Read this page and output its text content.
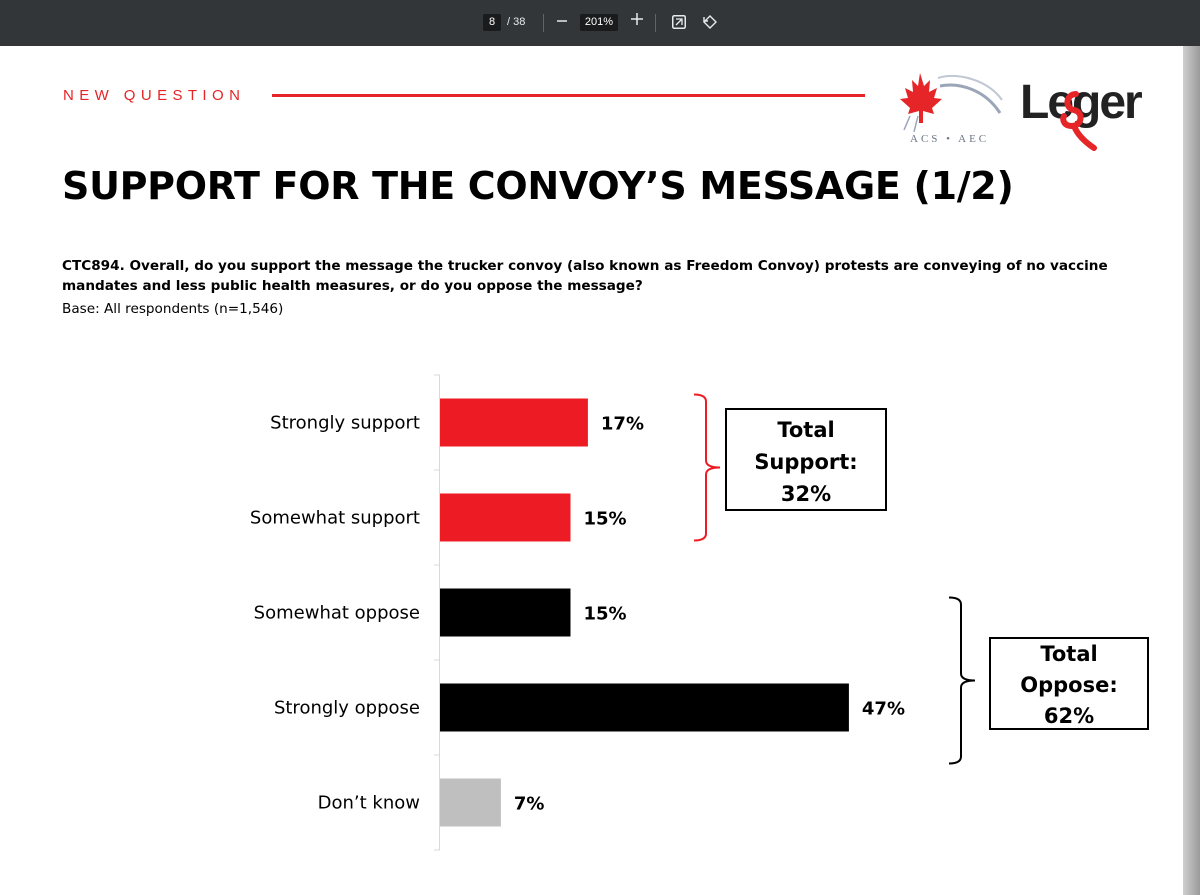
8	/ 38	201%
NEW QUESTION
ACS • AEC
Leger
SUPPORT FOR THE CONVOY’S MESSAGE (1/2)
CTC894. Overall, do you support the message the trucker convoy (also known as Freedom Convoy) protests are conveying of no vaccine mandates and less public health measures, or do you oppose the message?
Base: All respondents (n=1,546)
Strongly support	17%
Somewhat support	15%
Somewhat oppose	15%
Strongly oppose	47%
Don’t know	7%
Total
Support:
32%
Total
Oppose:
62%
